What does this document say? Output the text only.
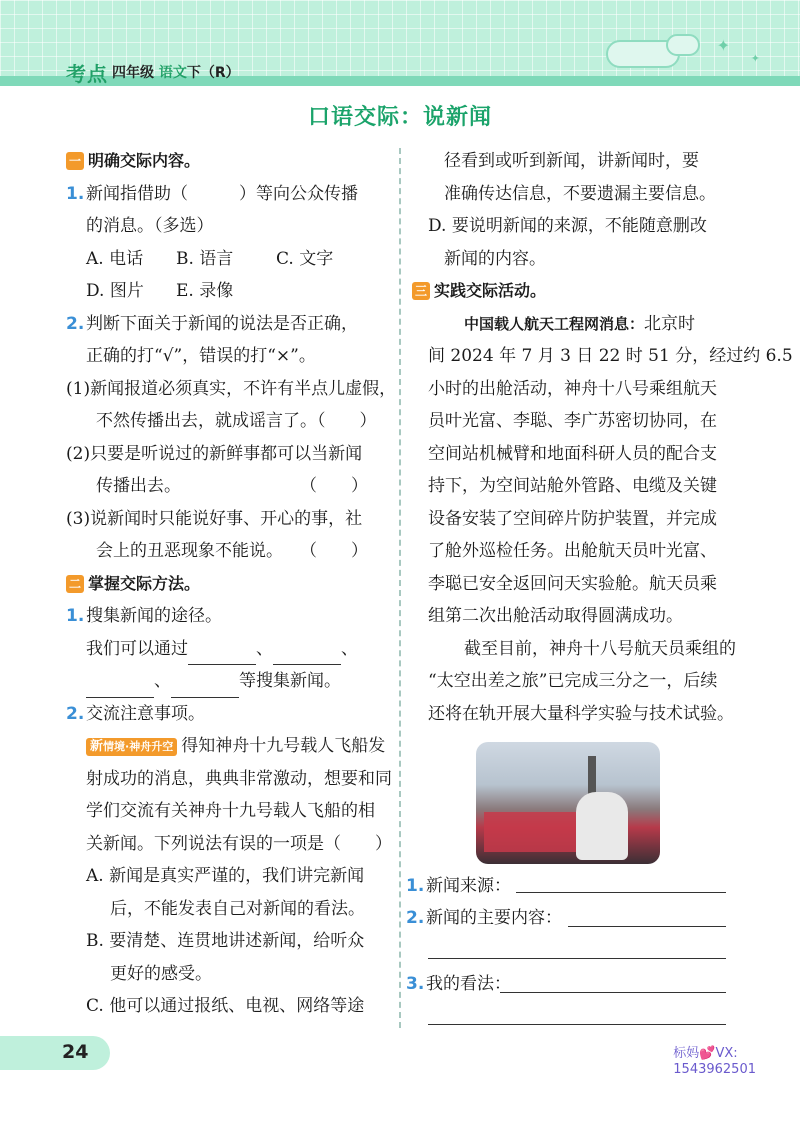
✦
✦
考点 四年级 语文下（R）
口语交际：说新闻
一 明确交际内容。
1. 新闻指借助（　　　）等向公众传播
的消息。（多选）
A. 电话 B. 语言	C. 文字
D. 图片 E. 录像
2. 判断下面关于新闻的说法是否正确，
正确的打“√”，错误的打“×”。
(1)新闻报道必须真实，不许有半点儿虚假，
不然传播出去，就成谣言了。（　　）
(2)只要是听说过的新鲜事都可以当新闻
传播出去。　　　　　　　　（　　）
(3)说新闻时只能说好事、开心的事，社
会上的丑恶现象不能说。　　（　　）
二 掌握交际方法。
1. 搜集新闻的途径。
我们可以通过	、	、
、	等搜集新闻。
2. 交流注意事项。
新情境·神舟升空 得知神舟十九号载人飞船发
射成功的消息，典典非常激动，想要和同
学们交流有关神舟十九号载人飞船的相
关新闻。下列说法有误的一项是（　　）
A. 新闻是真实严谨的，我们讲完新闻
后，不能发表自己对新闻的看法。
B. 要清楚、连贯地讲述新闻，给听众
更好的感受。
C. 他可以通过报纸、电视、网络等途
径看到或听到新闻，讲新闻时，要
准确传达信息，不要遗漏主要信息。
D. 要说明新闻的来源，不能随意删改
新闻的内容。
三 实践交际活动。
中国载人航天工程网消息：北京时
间 2024 年 7 月 3 日 22 时 51 分，经过约 6.5
小时的出舱活动，神舟十八号乘组航天
员叶光富、李聪、李广苏密切协同，在
空间站机械臂和地面科研人员的配合支
持下，为空间站舱外管路、电缆及关键
设备安装了空间碎片防护装置，并完成
了舱外巡检任务。出舱航天员叶光富、
李聪已安全返回问天实验舱。航天员乘
组第二次出舱活动取得圆满成功。
截至目前，神舟十八号航天员乘组的
“太空出差之旅”已完成三分之一，后续
还将在轨开展大量科学实验与技术试验。
1. 新闻来源：
2. 新闻的主要内容：
3. 我的看法：
24	标妈💕VX:
1543962501
